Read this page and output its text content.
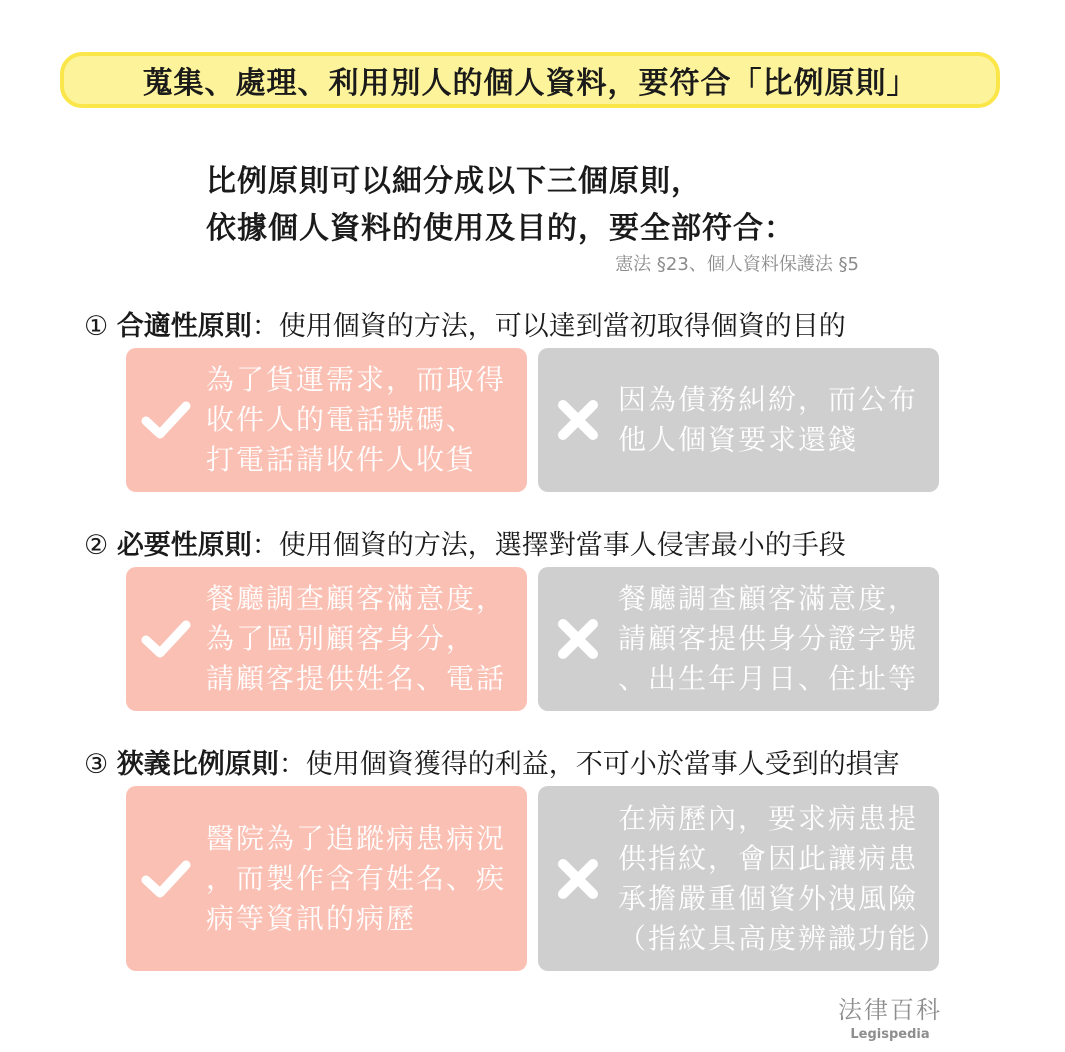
蒐集、處理、利用別人的個人資料，要符合「比例原則」
比例原則可以細分成以下三個原則，
依據個人資料的使用及目的，要全部符合：
憲法 §23、個人資料保護法 §5
① 合適性原則：使用個資的方法，可以達到當初取得個資的目的
為了貨運需求，而取得
收件人的電話號碼、
打電話請收件人收貨
因為債務糾紛，而公布
他人個資要求還錢
② 必要性原則：使用個資的方法，選擇對當事人侵害最小的手段
餐廳調查顧客滿意度，
為了區別顧客身分，
請顧客提供姓名、電話
餐廳調查顧客滿意度，
請顧客提供身分證字號
、出生年月日、住址等
③ 狹義比例原則：使用個資獲得的利益，不可小於當事人受到的損害
醫院為了追蹤病患病況
，而製作含有姓名、疾
病等資訊的病歷
在病歷內，要求病患提
供指紋，會因此讓病患
承擔嚴重個資外洩風險
（指紋具高度辨識功能）
法律百科
Legispedia
